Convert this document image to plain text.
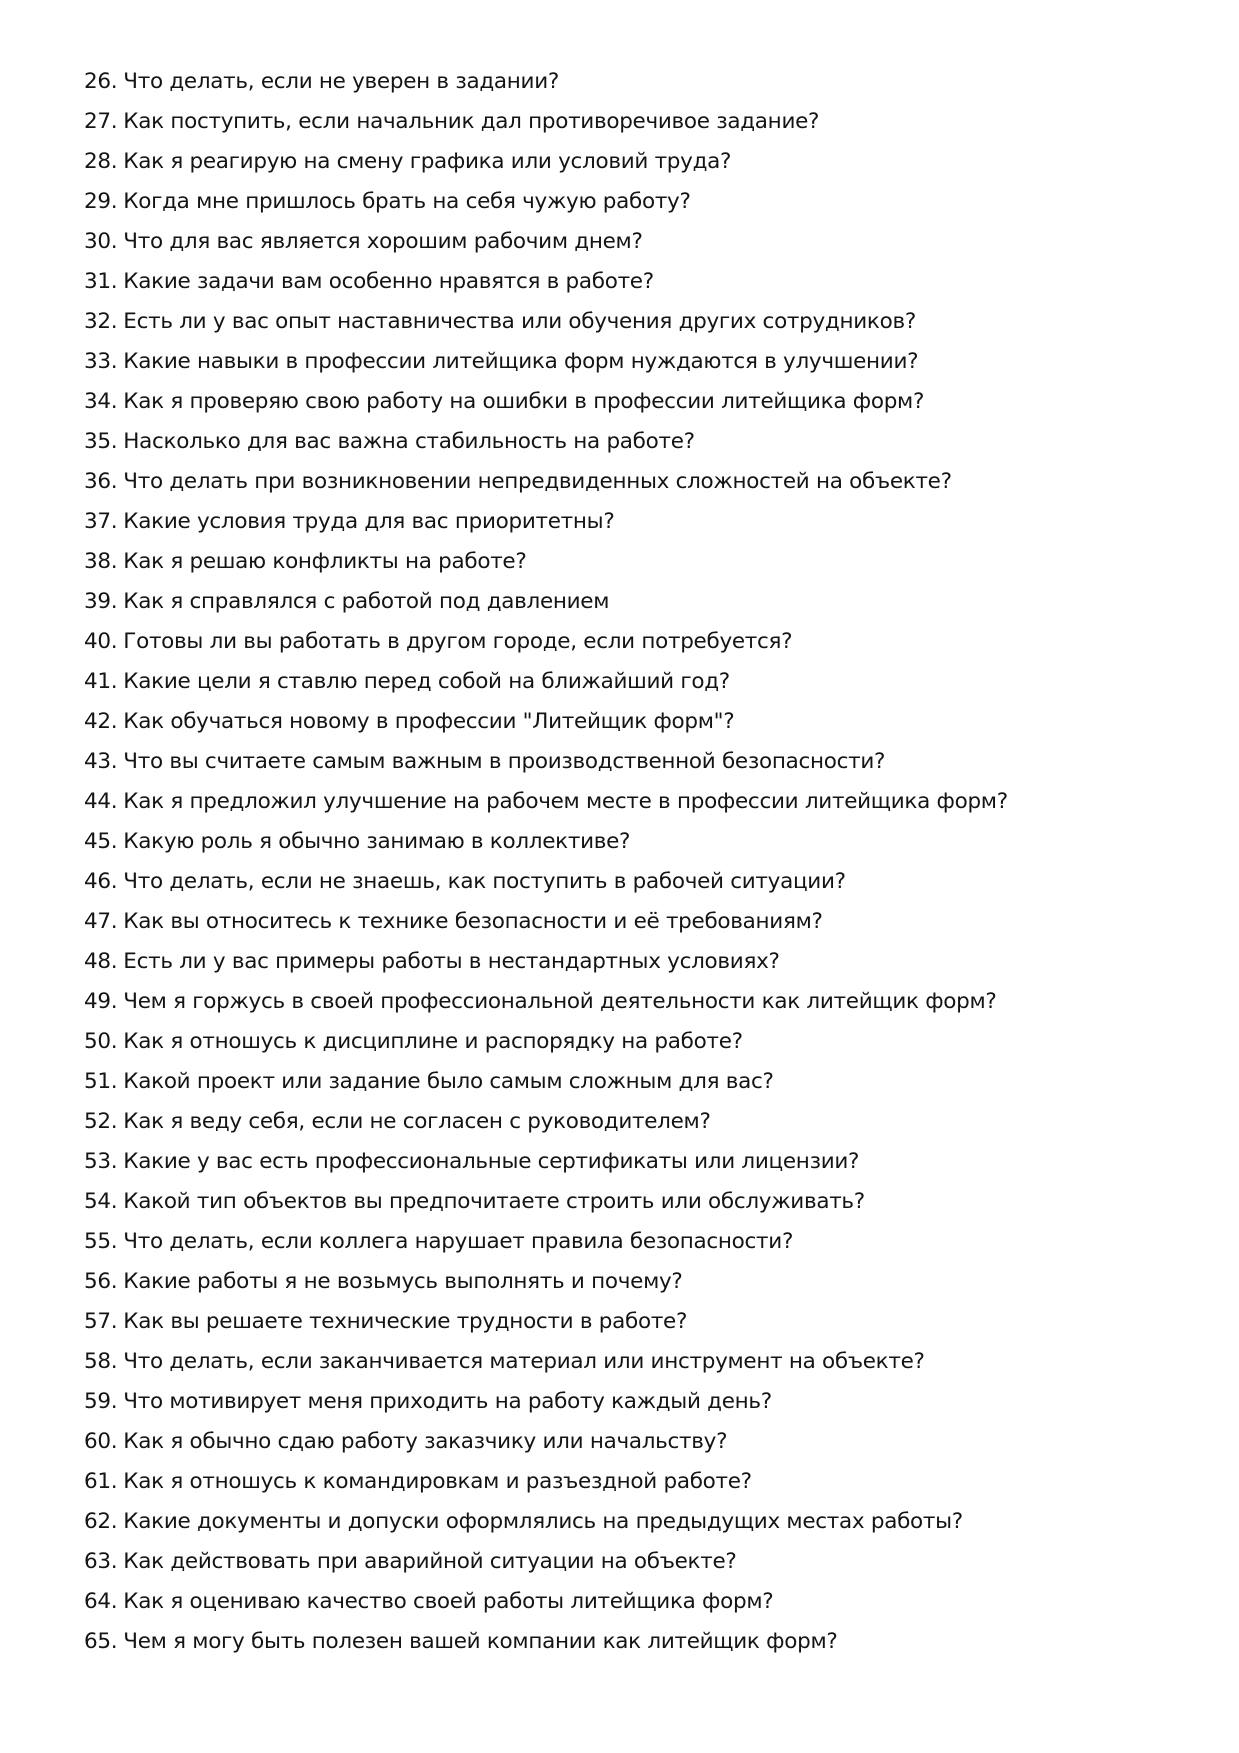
26. Что делать, если не уверен в задании?
27. Как поступить, если начальник дал противоречивое задание?
28. Как я реагирую на смену графика или условий труда?
29. Когда мне пришлось брать на себя чужую работу?
30. Что для вас является хорошим рабочим днем?
31. Какие задачи вам особенно нравятся в работе?
32. Есть ли у вас опыт наставничества или обучения других сотрудников?
33. Какие навыки в профессии литейщика форм нуждаются в улучшении?
34. Как я проверяю свою работу на ошибки в профессии литейщика форм?
35. Насколько для вас важна стабильность на работе?
36. Что делать при возникновении непредвиденных сложностей на объекте?
37. Какие условия труда для вас приоритетны?
38. Как я решаю конфликты на работе?
39. Как я справлялся с работой под давлением
40. Готовы ли вы работать в другом городе, если потребуется?
41. Какие цели я ставлю перед собой на ближайший год?
42. Как обучаться новому в профессии "Литейщик форм"?
43. Что вы считаете самым важным в производственной безопасности?
44. Как я предложил улучшение на рабочем месте в профессии литейщика форм?
45. Какую роль я обычно занимаю в коллективе?
46. Что делать, если не знаешь, как поступить в рабочей ситуации?
47. Как вы относитесь к технике безопасности и её требованиям?
48. Есть ли у вас примеры работы в нестандартных условиях?
49. Чем я горжусь в своей профессиональной деятельности как литейщик форм?
50. Как я отношусь к дисциплине и распорядку на работе?
51. Какой проект или задание было самым сложным для вас?
52. Как я веду себя, если не согласен с руководителем?
53. Какие у вас есть профессиональные сертификаты или лицензии?
54. Какой тип объектов вы предпочитаете строить или обслуживать?
55. Что делать, если коллега нарушает правила безопасности?
56. Какие работы я не возьмусь выполнять и почему?
57. Как вы решаете технические трудности в работе?
58. Что делать, если заканчивается материал или инструмент на объекте?
59. Что мотивирует меня приходить на работу каждый день?
60. Как я обычно сдаю работу заказчику или начальству?
61. Как я отношусь к командировкам и разъездной работе?
62. Какие документы и допуски оформлялись на предыдущих местах работы?
63. Как действовать при аварийной ситуации на объекте?
64. Как я оцениваю качество своей работы литейщика форм?
65. Чем я могу быть полезен вашей компании как литейщик форм?
